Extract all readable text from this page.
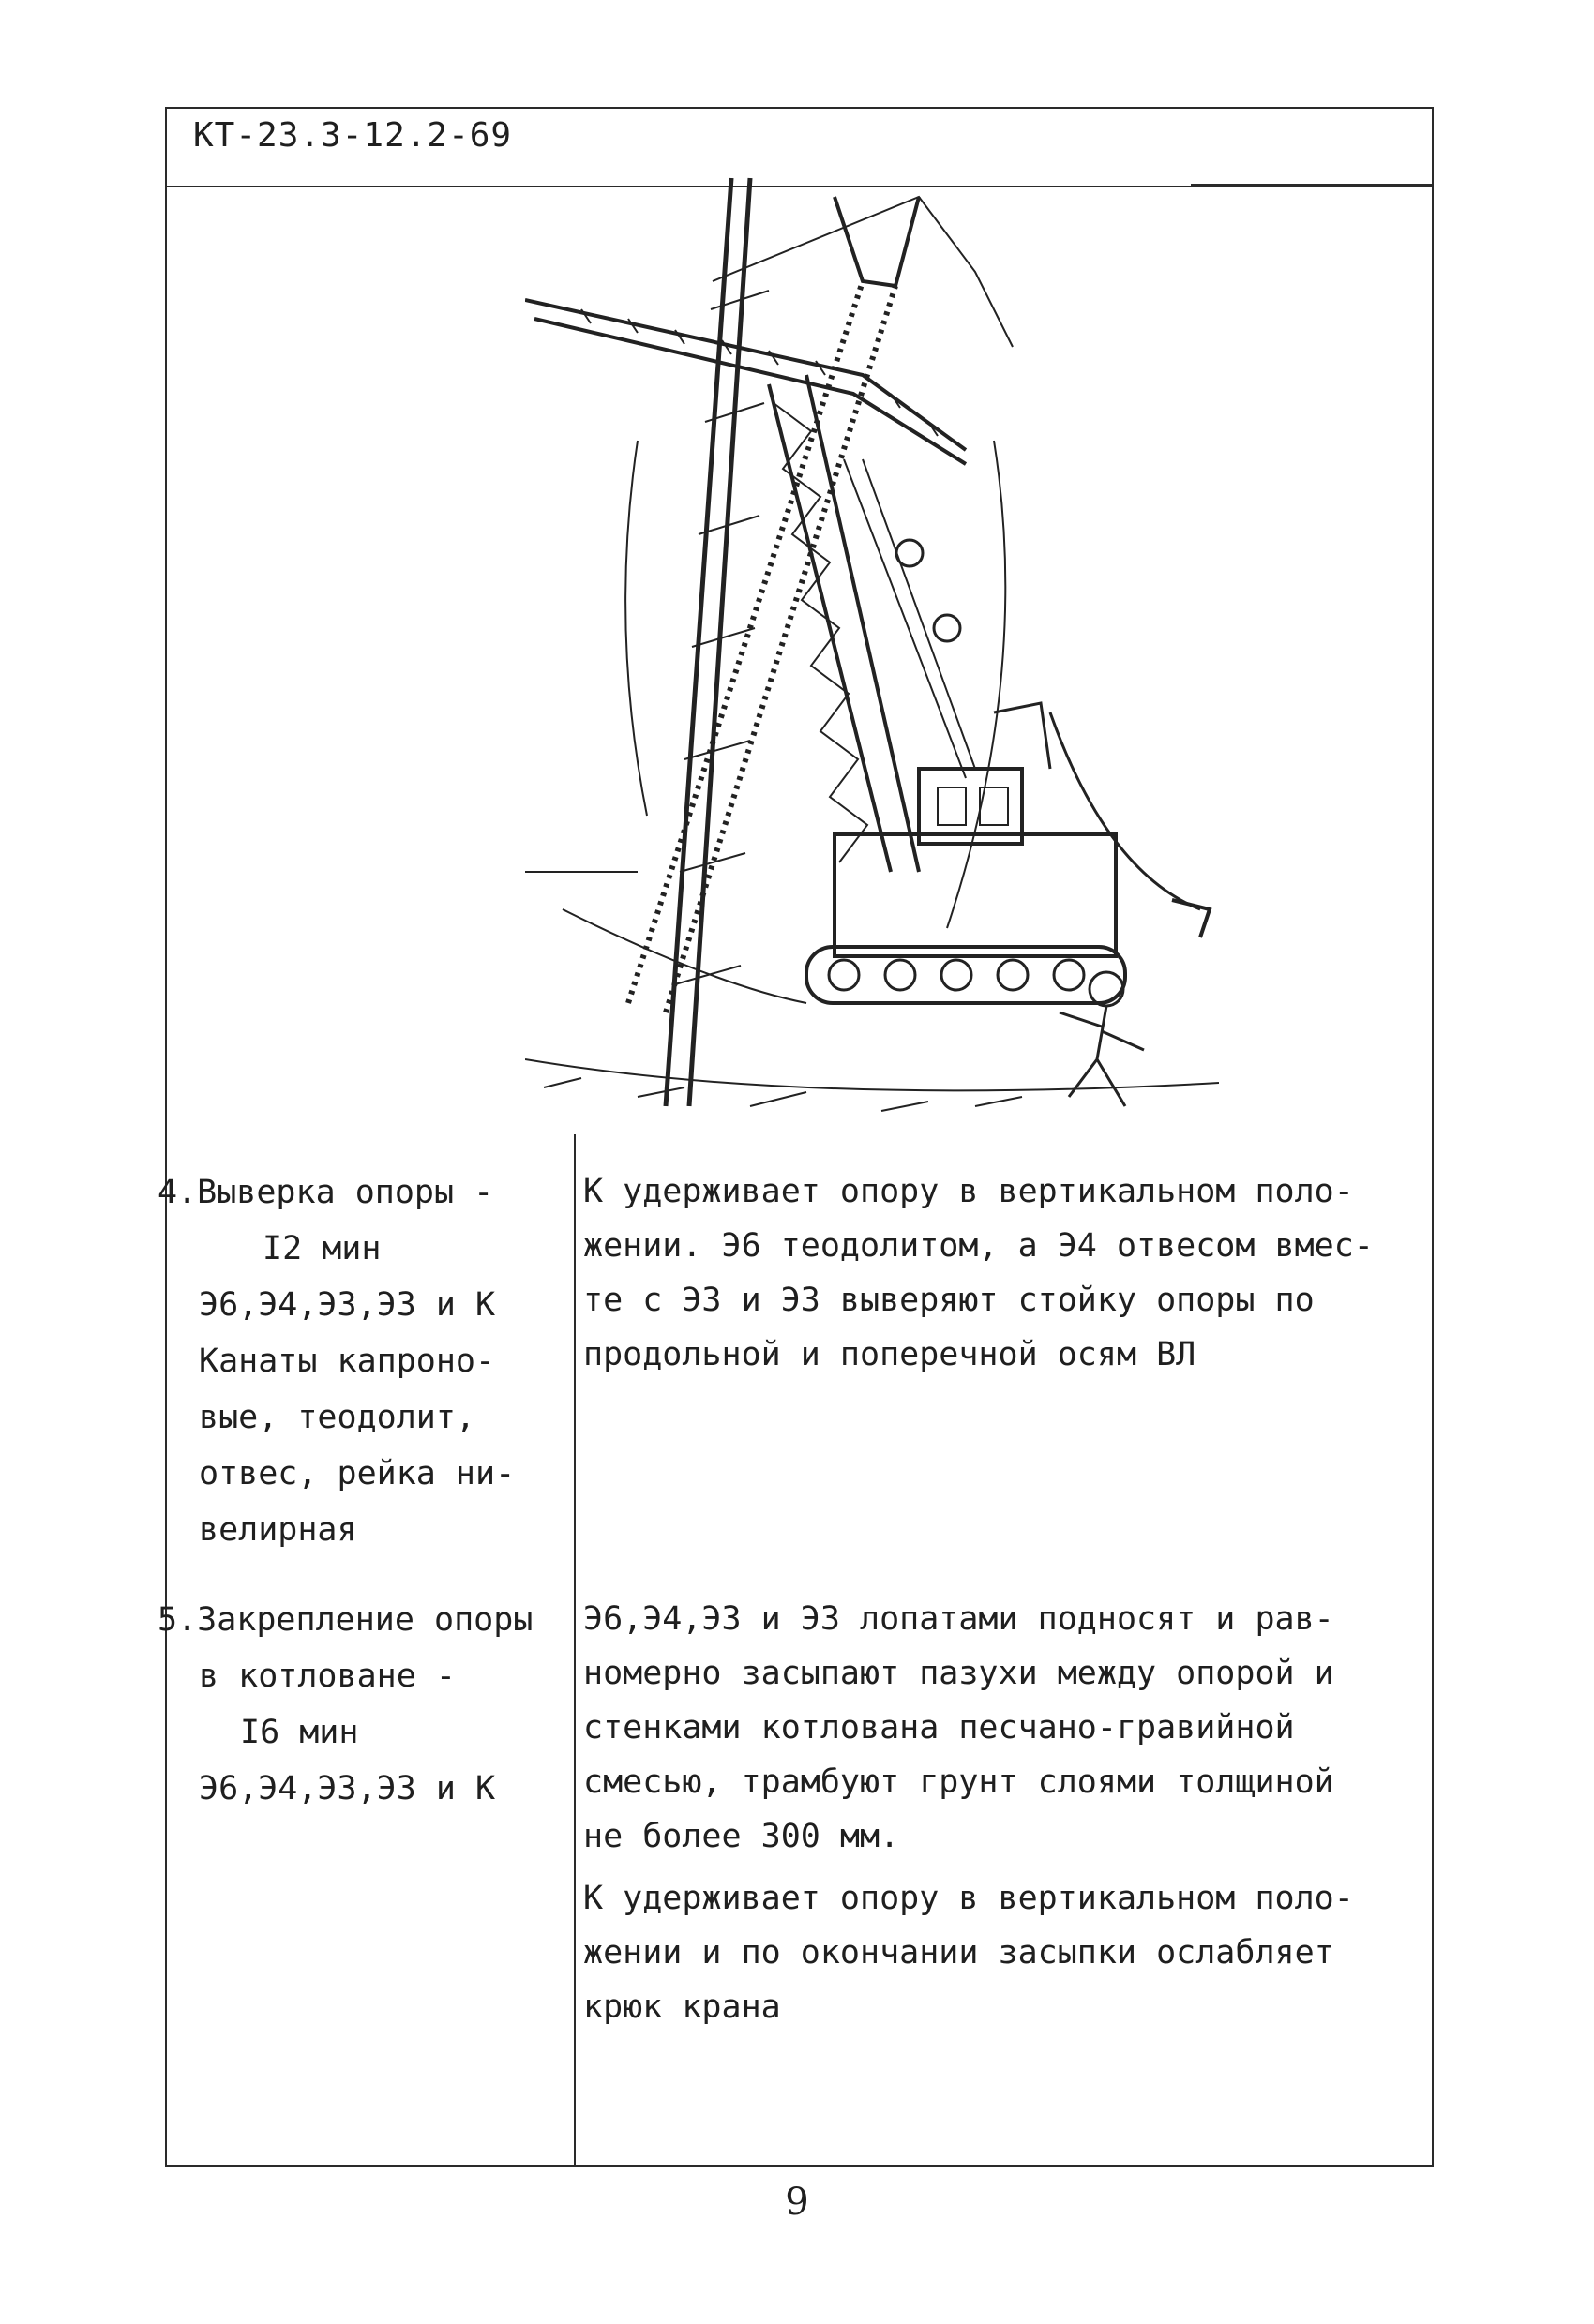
КТ-23.3-12.2-69
4.Выверка опоры -
I2 мин
Э6,Э4,Э3,Э3 и К
Канаты капроно-
вые, теодолит,
отвес, рейка ни-
велирная
К удерживает опору в вертикальном поло-
жении. Э6 теодолитом, а Э4 отвесом вмес-
те с Э3 и Э3 выверяют стойку опоры по
продольной и поперечной осям ВЛ
5.Закрепление опоры
в котловане -
I6 мин
Э6,Э4,Э3,Э3 и К
Э6,Э4,Э3 и Э3 лопатами подносят и рав-
номерно засыпают пазухи между опорой и
стенками котлована песчано-гравийной
смесью, трамбуют грунт слоями толщиной
не более 300 мм.
К удерживает опору в вертикальном поло-
жении и по окончании засыпки ослабляет
крюк крана
9
